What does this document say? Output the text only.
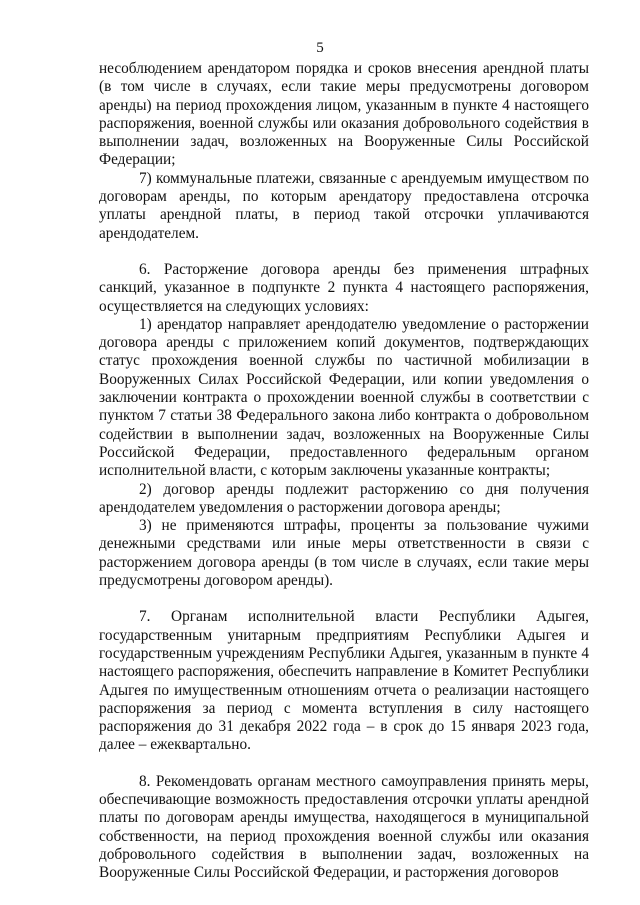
5

несоблюдением арендатором порядка и сроков внесения арендной платы (в том числе в случаях, если такие меры предусмотрены договором аренды) на период прохождения лицом, указанным в пункте 4 настоящего распоряжения, военной службы или оказания добровольного содействия в выполнении задач, возложенных на Вооруженные Силы Российской Федерации;

7) коммунальные платежи, связанные с арендуемым имуществом по договорам аренды, по которым арендатору предоставлена отсрочка уплаты арендной платы, в период такой отсрочки уплачиваются арендодателем.

6. Расторжение договора аренды без применения штрафных санкций, указанное в подпункте 2 пункта 4 настоящего распоряжения, осуществляется на следующих условиях:

1) арендатор направляет арендодателю уведомление о расторжении договора аренды с приложением копий документов, подтверждающих статус прохождения военной службы по частичной мобилизации в Вооруженных Силах Российской Федерации, или копии уведомления о заключении контракта о прохождении военной службы в соответствии с пунктом 7 статьи 38 Федерального закона либо контракта о добровольном содействии в выполнении задач, возложенных на Вооруженные Силы Российской Федерации, предоставленного федеральным органом исполнительной власти, с которым заключены указанные контракты;

2) договор аренды подлежит расторжению со дня получения арендодателем уведомления о расторжении договора аренды;

3) не применяются штрафы, проценты за пользование чужими денежными средствами или иные меры ответственности в связи с расторжением договора аренды (в том числе в случаях, если такие меры предусмотрены договором аренды).

7. Органам исполнительной власти Республики Адыгея, государственным унитарным предприятиям Республики Адыгея и государственным учреждениям Республики Адыгея, указанным в пункте 4 настоящего распоряжения, обеспечить направление в Комитет Республики Адыгея по имущественным отношениям отчета о реализации настоящего распоряжения за период с момента вступления в силу настоящего распоряжения до 31 декабря 2022 года – в срок до 15 января 2023 года, далее – ежеквартально.

8. Рекомендовать органам местного самоуправления принять меры, обеспечивающие возможность предоставления отсрочки уплаты арендной платы по договорам аренды имущества, находящегося в муниципальной собственности, на период прохождения военной службы или оказания добровольного содействия в выполнении задач, возложенных на Вооруженные Силы Российской Федерации, и расторжения договоров
